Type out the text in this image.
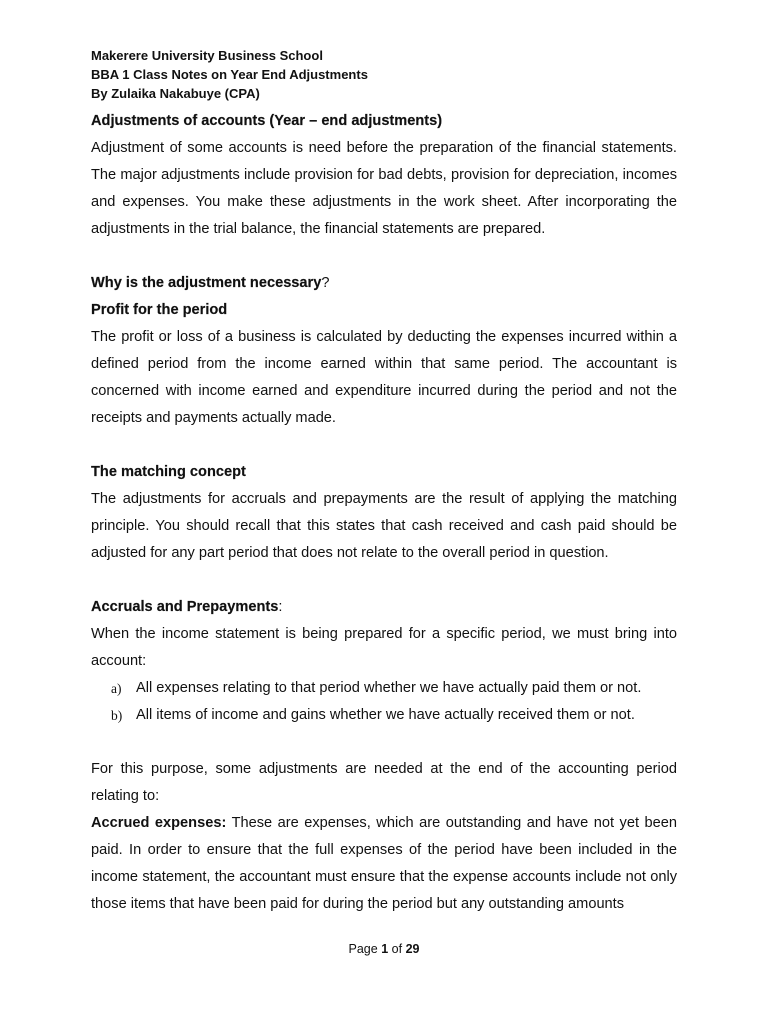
Makerere University Business School
BBA 1 Class Notes on Year End Adjustments
By Zulaika Nakabuye (CPA)
Adjustments of accounts (Year – end adjustments)

Adjustment of some accounts is need before the preparation of the financial statements. The major adjustments include provision for bad debts, provision for depreciation, incomes and expenses. You make these adjustments in the work sheet. After incorporating the adjustments in the trial balance, the financial statements are prepared.

Why is the adjustment necessary?
Profit for the period

The profit or loss of a business is calculated by deducting the expenses incurred within a defined period from the income earned within that same period. The accountant is concerned with income earned and expenditure incurred during the period and not the receipts and payments actually made.

The matching concept

The adjustments for accruals and prepayments are the result of applying the matching principle. You should recall that this states that cash received and cash paid should be adjusted for any part period that does not relate to the overall period in question.

Accruals and Prepayments:

When the income statement is being prepared for a specific period, we must bring into account:

a) All expenses relating to that period whether we have actually paid them or not.
b) All items of income and gains whether we have actually received them or not.

For this purpose, some adjustments are needed at the end of the accounting period relating to:

Accrued expenses: These are expenses, which are outstanding and have not yet been paid. In order to ensure that the full expenses of the period have been included in the income statement, the accountant must ensure that the expense accounts include not only those items that have been paid for during the period but any outstanding amounts

Page 1 of 29
